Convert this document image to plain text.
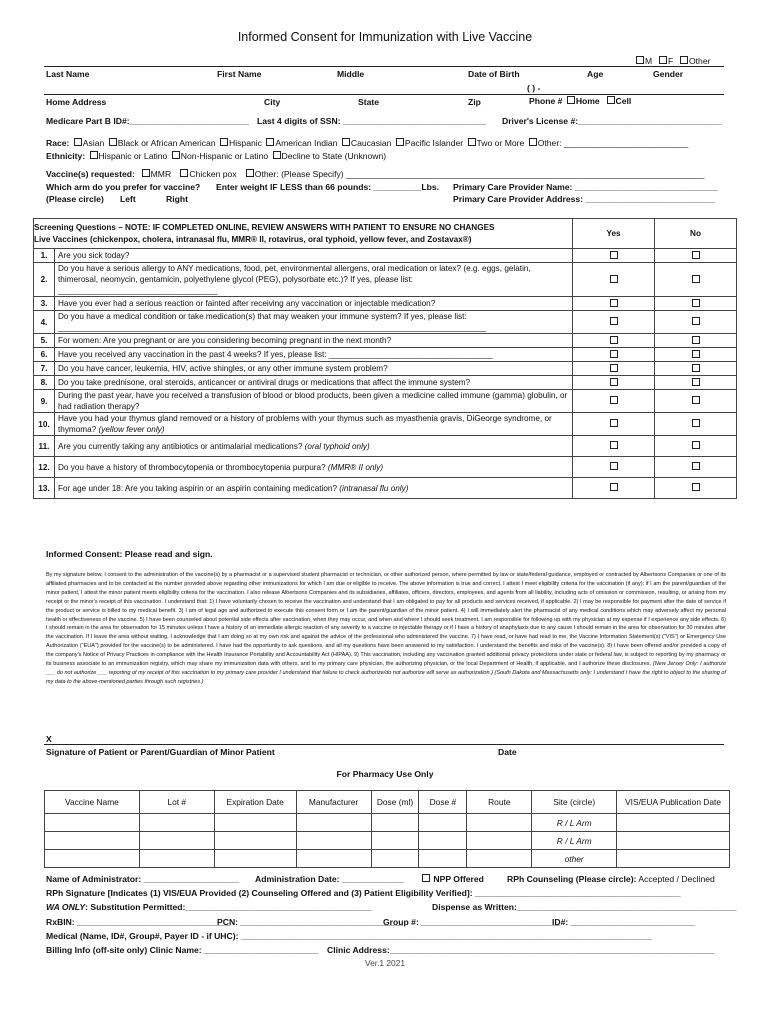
Informed Consent for Immunization with Live Vaccine
M F Other
Last Name	First Name	Middle	Date of Birth	Age	Gender
( ) -
Home Address	City	State	Zip	Phone # Home Cell
Medicare Part B ID#:_________________________ Last 4 digits of SSN: ______________________________ Driver's License #:______________________________
Race: Asian Black or African American Hispanic American Indian Caucasian Pacific Islander Two or More Other: __________________________
Ethnicity: Hispanic or Latino Non-Hispanic or Latino Decline to State (Unknown)
Vaccine(s) requested: MMR Chicken pox Other: (Please Specify) ___________________________________________________________________________
Which arm do you prefer for vaccine? Enter weight IF LESS than 66 pounds: __________Lbs. Primary Care Provider Name: ______________________________
(Please circle) Left	Right	Primary Care Provider Address: ___________________________
Screening Questions – NOTE: IF COMPLETED ONLINE, REVIEW ANSWERS WITH PATIENT TO ENSURE NO CHANGES
Live Vaccines (chickenpox, cholera, intranasal flu, MMR® II, rotavirus, oral typhoid, yellow fever, and Zostavax®)		Yes	No
1.	Are you sick today?		
2.	Do you have a serious allergy to ANY medications, food, pet, environmental allergens, oral medication or latex? (e.g. eggs, gelatin, thimerosal, neomycin, gentamicin, polyethylene glycol (PEG), polysorbate etc.)? If yes, please list: ___________________________________		
3.	Have you ever had a serious reaction or fainted after receiving any vaccination or injectable medication?		
4.	Do you have a medical condition or take medication(s) that may weaken your immune system? If yes, please list: ______________________________________________________________________________________________		
5.	For women: Are you pregnant or are you considering becoming pregnant in the next month?		
6.	Have you received any vaccination in the past 4 weeks? If yes, please list: ____________________________________		
7.	Do you have cancer, leukemia, HIV, active shingles, or any other immune system problem?		
8.	Do you take prednisone, oral steroids, anticancer or antiviral drugs or medications that affect the immune system?		
9.	During the past year, have you received a transfusion of blood or blood products, been given a medicine called immune (gamma) globulin, or had radiation therapy?		
10.	Have you had your thymus gland removed or a history of problems with your thymus such as myasthenia gravis, DiGeorge syndrome, or thymoma? (yellow fever only)		
11.	Are you currently taking any antibiotics or antimalarial medications? (oral typhoid only)		
12.	Do you have a history of thrombocytopenia or thrombocytopenia purpura? (MMR® II only)		
13.	For age under 18: Are you taking aspirin or an aspirin containing medication? (intranasal flu only)		
Informed Consent: Please read and sign.
By my signature below, I consent to the administration of the vaccine(s) by a pharmacist or a supervised student pharmacist or technician, or other authorized person, where permitted by law or state/federal guidance, employed or contracted by Albertsons Companies or one of its affiliated pharmacies and to be contacted at the number provided above regarding other immunizations for which I am due or eligible to receive. The above information is true and correct. I attest I meet eligibility criteria for the vaccination (if any); if I am the parent/guardian of the minor patient, I attest the minor patient meets eligibility criteria for the vaccination. I also release Albertsons Companies and its subsidiaries, affiliates, officers, directors, employees, and agents from all liability, including acts of omission or commission, resulting, or arising from my receipt or the minor's receipt of this vaccination. I understand that: 1) I have voluntarily chosen to receive the vaccination and understand that I am obligated to pay for all products and services received, if applicable. 2) I may be responsible for payment after the date of service if the product or service is billed to my medical benefit. 3) I am of legal age and authorized to execute this consent form or I am the parent/guardian of the minor patient. 4) I will immediately alert the pharmacist of any medical conditions which may adversely affect my personal health or effectiveness of the vaccine. 5) I have been counseled about potential side effects after vaccination, when they may occur, and when and where I should seek treatment. I am responsible for following up with my physician at my expense if I experience any side effects. 6) I should remain in the area for observation for 15 minutes unless I have a history of an immediate allergic reaction of any severity to a vaccine or injectable therapy or if I have a history of anaphylaxis due to any cause I should remain in the area for observation for 30 minutes after the vaccination. If I leave the area without waiting, I acknowledge that I am doing so at my own risk and against the advice of the professional who administered the vaccine. 7) I have read, or have had read to me, the Vaccine Information Statement(s) ("VIS") or Emergency Use Authorization ("EUA") provided for the vaccine(s) to be administered. I have had the opportunity to ask questions, and all my questions have been answered to my satisfaction. I understand the benefits and risks of the vaccine(s). 8) I have been offered and/or provided a copy of the company's Notice of Privacy Practices in compliance with the Health Insurance Portability and Accountability Act (HIPAA). 9) This vaccination, including any vaccination granted additional privacy protections under state or federal law, is subject to reporting by my pharmacy or its business associate to an immunization registry, which may share my immunization data with others, and to my primary care physician, the authorizing physician, or the local Department of Health, if applicable, and I authorize these disclosures. (New Jersey Only: I authorize ___ do not authorize ___ reporting of my receipt of this vaccination to my primary care provider I understand that failure to check authorize/do not authorize will serve as authorization.) (South Dakota and Massachusetts only: I understand I have the right to object to the sharing of my data to the above-mentioned parties through such registries.)
X
Signature of Patient or Parent/Guardian of Minor Patient	Date
For Pharmacy Use Only
Vaccine Name	Lot #	Expiration Date	Manufacturer	Dose (ml)	Dose #	Route	Site (circle)	VIS/EUA Publication Date
							R / L Arm	
							R / L Arm	
							other	
Name of Administrator: ____________________ Administration Date: _____________	NPP Offered	RPh Counseling (Please circle): Accepted / Declined
RPh Signature [Indicates (1) VIS/EUA Provided (2) Counseling Offered and (3) Patient Eligibility Verified]: ___________________________________________
WA ONLY: Substitution Permitted:_______________________________________	Dispense as Written:______________________________________________
RxBIN: ________________________________
PCN: __________________________________
Group #: _____________________________
ID#: __________________________
Medical (Name, ID#, Group#, Payer ID - if UHC): ______________________________________________________________________________________
Billing Info (off-site only) Clinic Name: ________________________ Clinic Address:____________________________________________________________________
Ver.1 2021
